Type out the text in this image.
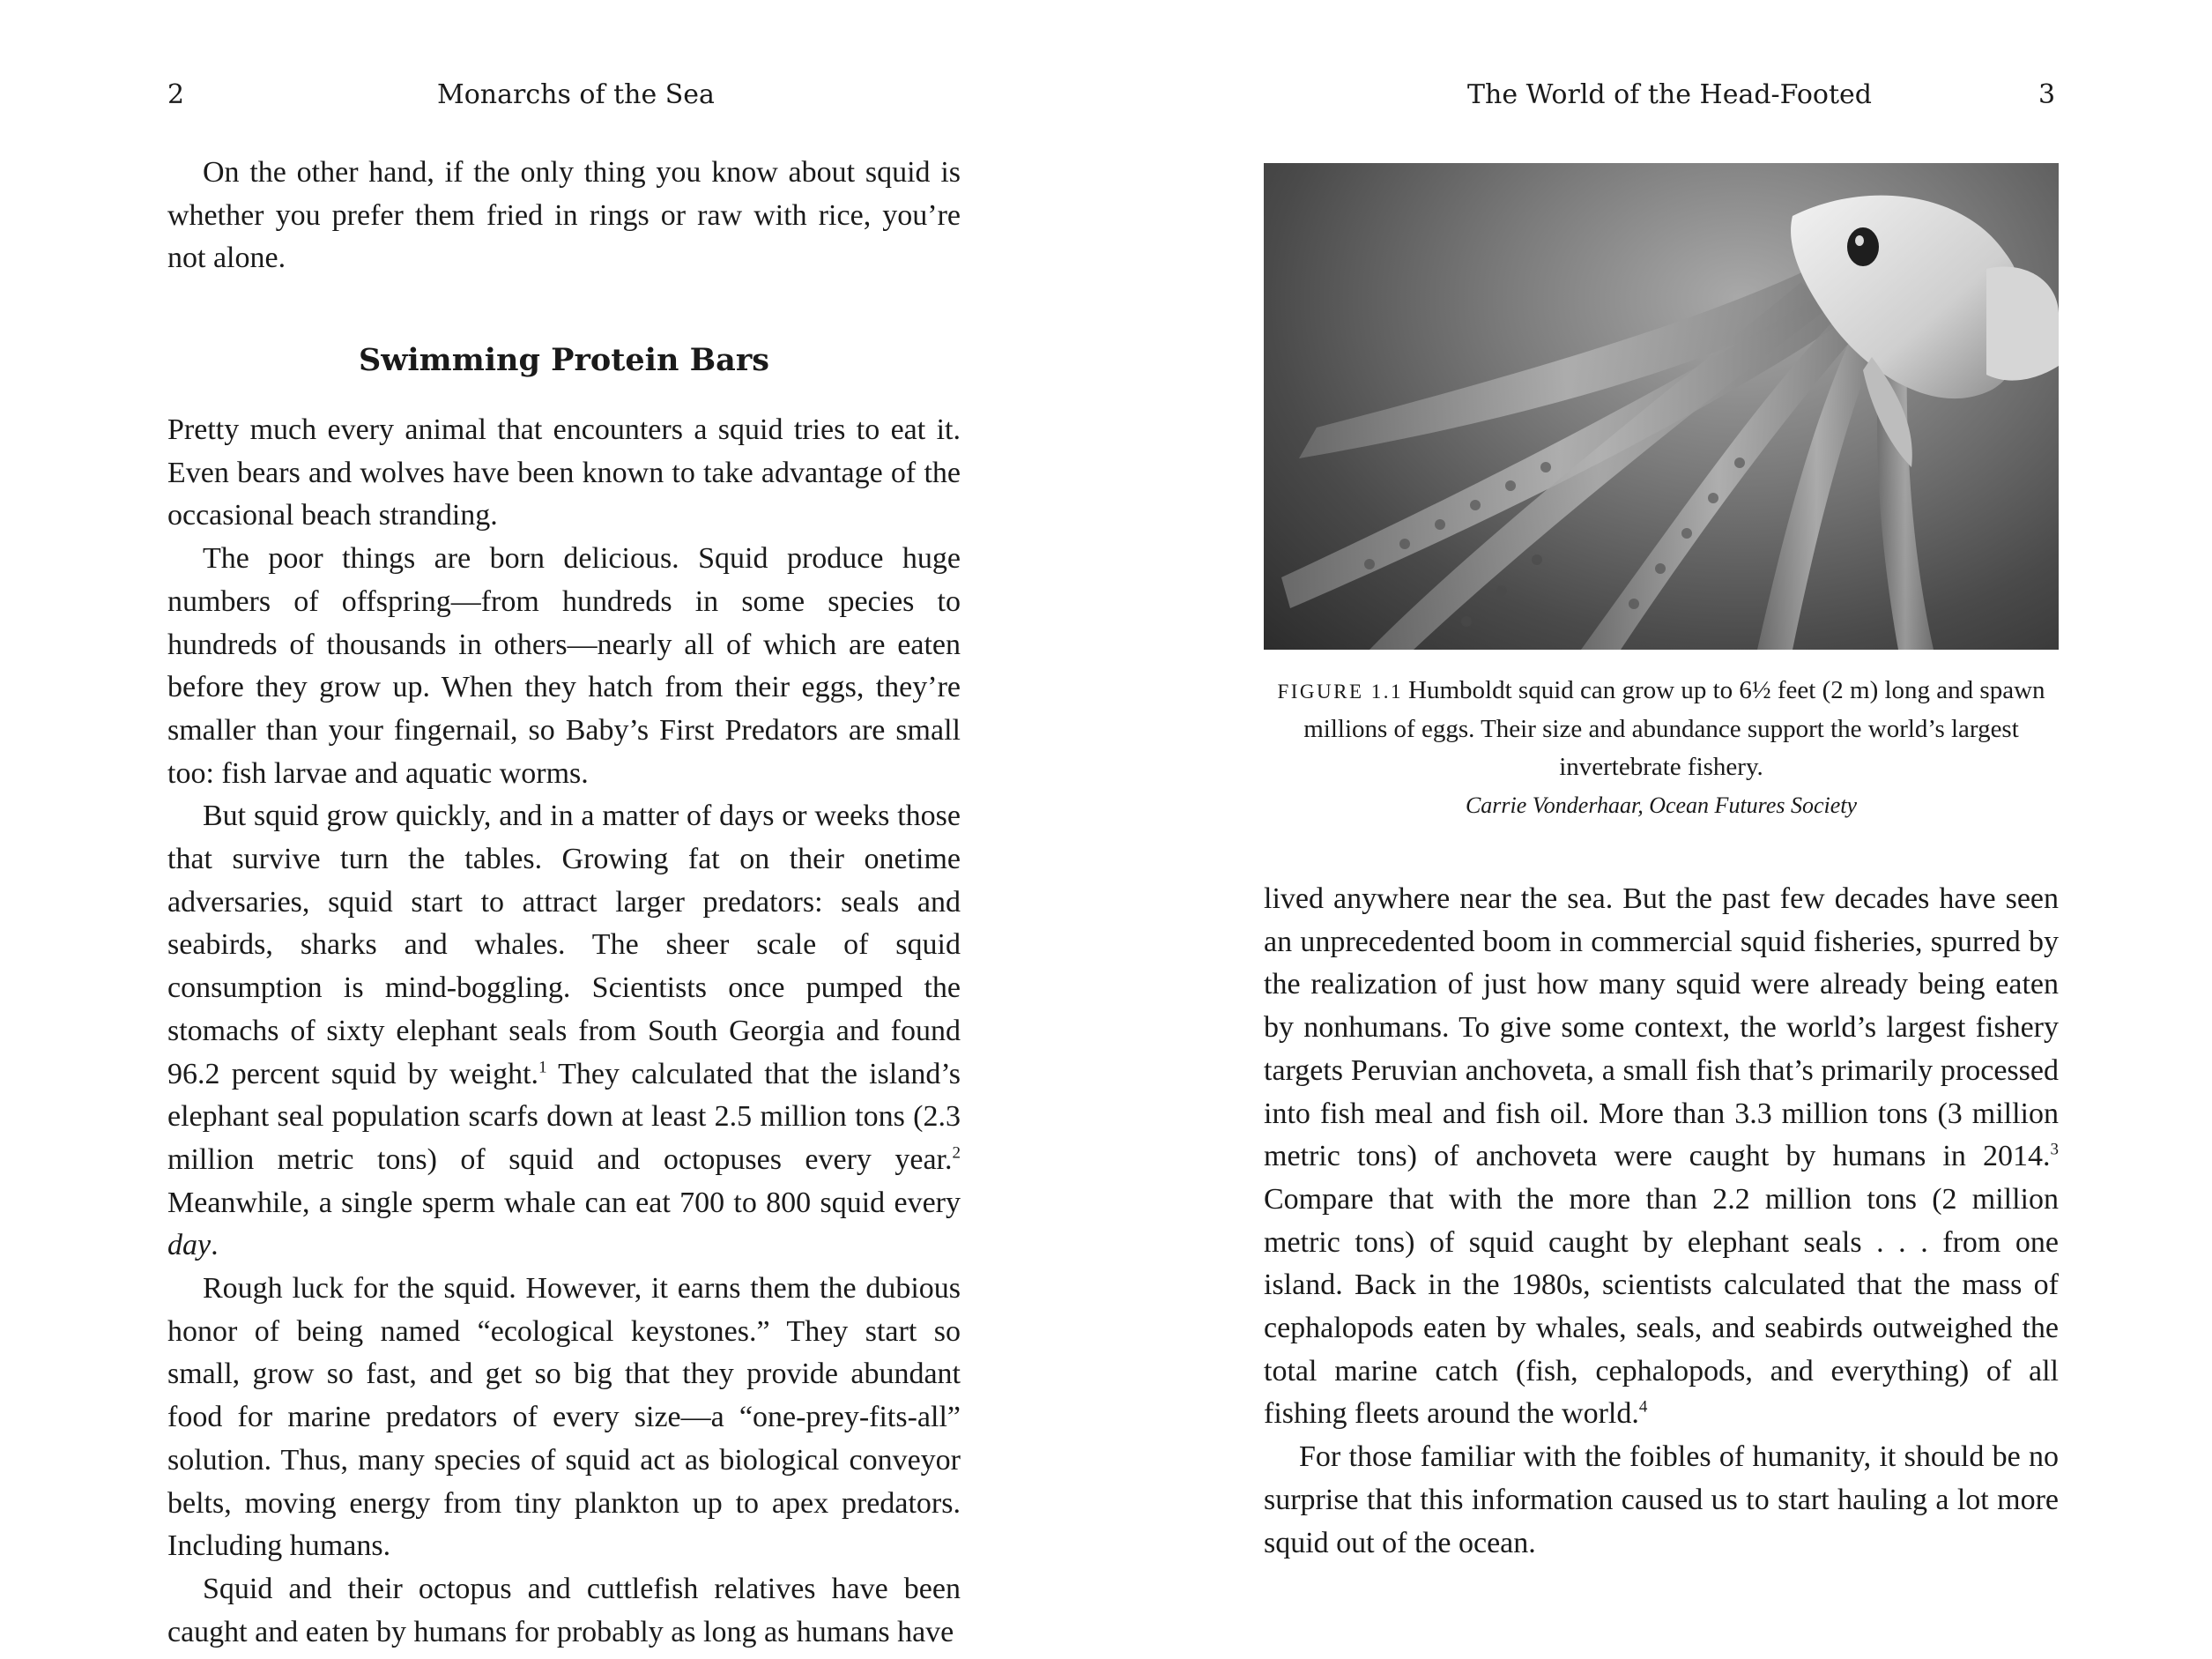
2	Monarchs of the Sea

On the other hand, if the only thing you know about squid is whether you prefer them fried in rings or raw with rice, you’re not alone.

Swimming Protein Bars

Pretty much every animal that encounters a squid tries to eat it. Even bears and wolves have been known to take advantage of the occasional beach stranding.

The poor things are born delicious. Squid produce huge numbers of offspring—from hundreds in some species to hundreds of thousands in others—nearly all of which are eaten before they grow up. When they hatch from their eggs, they’re smaller than your fingernail, so Baby’s First Predators are small too: fish larvae and aquatic worms.

But squid grow quickly, and in a matter of days or weeks those that survive turn the tables. Growing fat on their onetime adversaries, squid start to attract larger predators: seals and seabirds, sharks and whales. The sheer scale of squid consumption is mind-boggling. Scientists once pumped the stomachs of sixty elephant seals from South Georgia and found 96.2 percent squid by weight.$^1$ They calculated that the island’s elephant seal population scarfs down at least 2.5 million tons (2.3 million metric tons) of squid and octopuses every year.$^2$ Meanwhile, a single sperm whale can eat 700 to 800 squid every day.

Rough luck for the squid. However, it earns them the dubious honor of being named “ecological keystones.” They start so small, grow so fast, and get so big that they provide abundant food for marine predators of every size—a “one-prey-fits-all” solution. Thus, many species of squid act as biological conveyor belts, moving energy from tiny plankton up to apex predators. Including humans.

Squid and their octopus and cuttlefish relatives have been caught and eaten by humans for probably as long as humans have

The World of the Head-Footed	3
FIGURE 1.1 Humboldt squid can grow up to 6½ feet (2 m) long and spawn millions of eggs. Their size and abundance support the world’s largest invertebrate fishery.
Carrie Vonderhaar, Ocean Futures Society

lived anywhere near the sea. But the past few decades have seen an unprecedented boom in commercial squid fisheries, spurred by the realization of just how many squid were already being eaten by nonhumans. To give some context, the world’s largest fishery targets Peruvian anchoveta, a small fish that’s primarily processed into fish meal and fish oil. More than 3.3 million tons (3 million metric tons) of anchoveta were caught by humans in 2014.$^3$ Compare that with the more than 2.2 million tons (2 million metric tons) of squid caught by elephant seals . . . from one island. Back in the 1980s, scientists calculated that the mass of cephalopods eaten by whales, seals, and seabirds outweighed the total marine catch (fish, cephalopods, and everything) of all fishing fleets around the world.$^4$

For those familiar with the foibles of humanity, it should be no surprise that this information caused us to start hauling a lot more squid out of the ocean.
